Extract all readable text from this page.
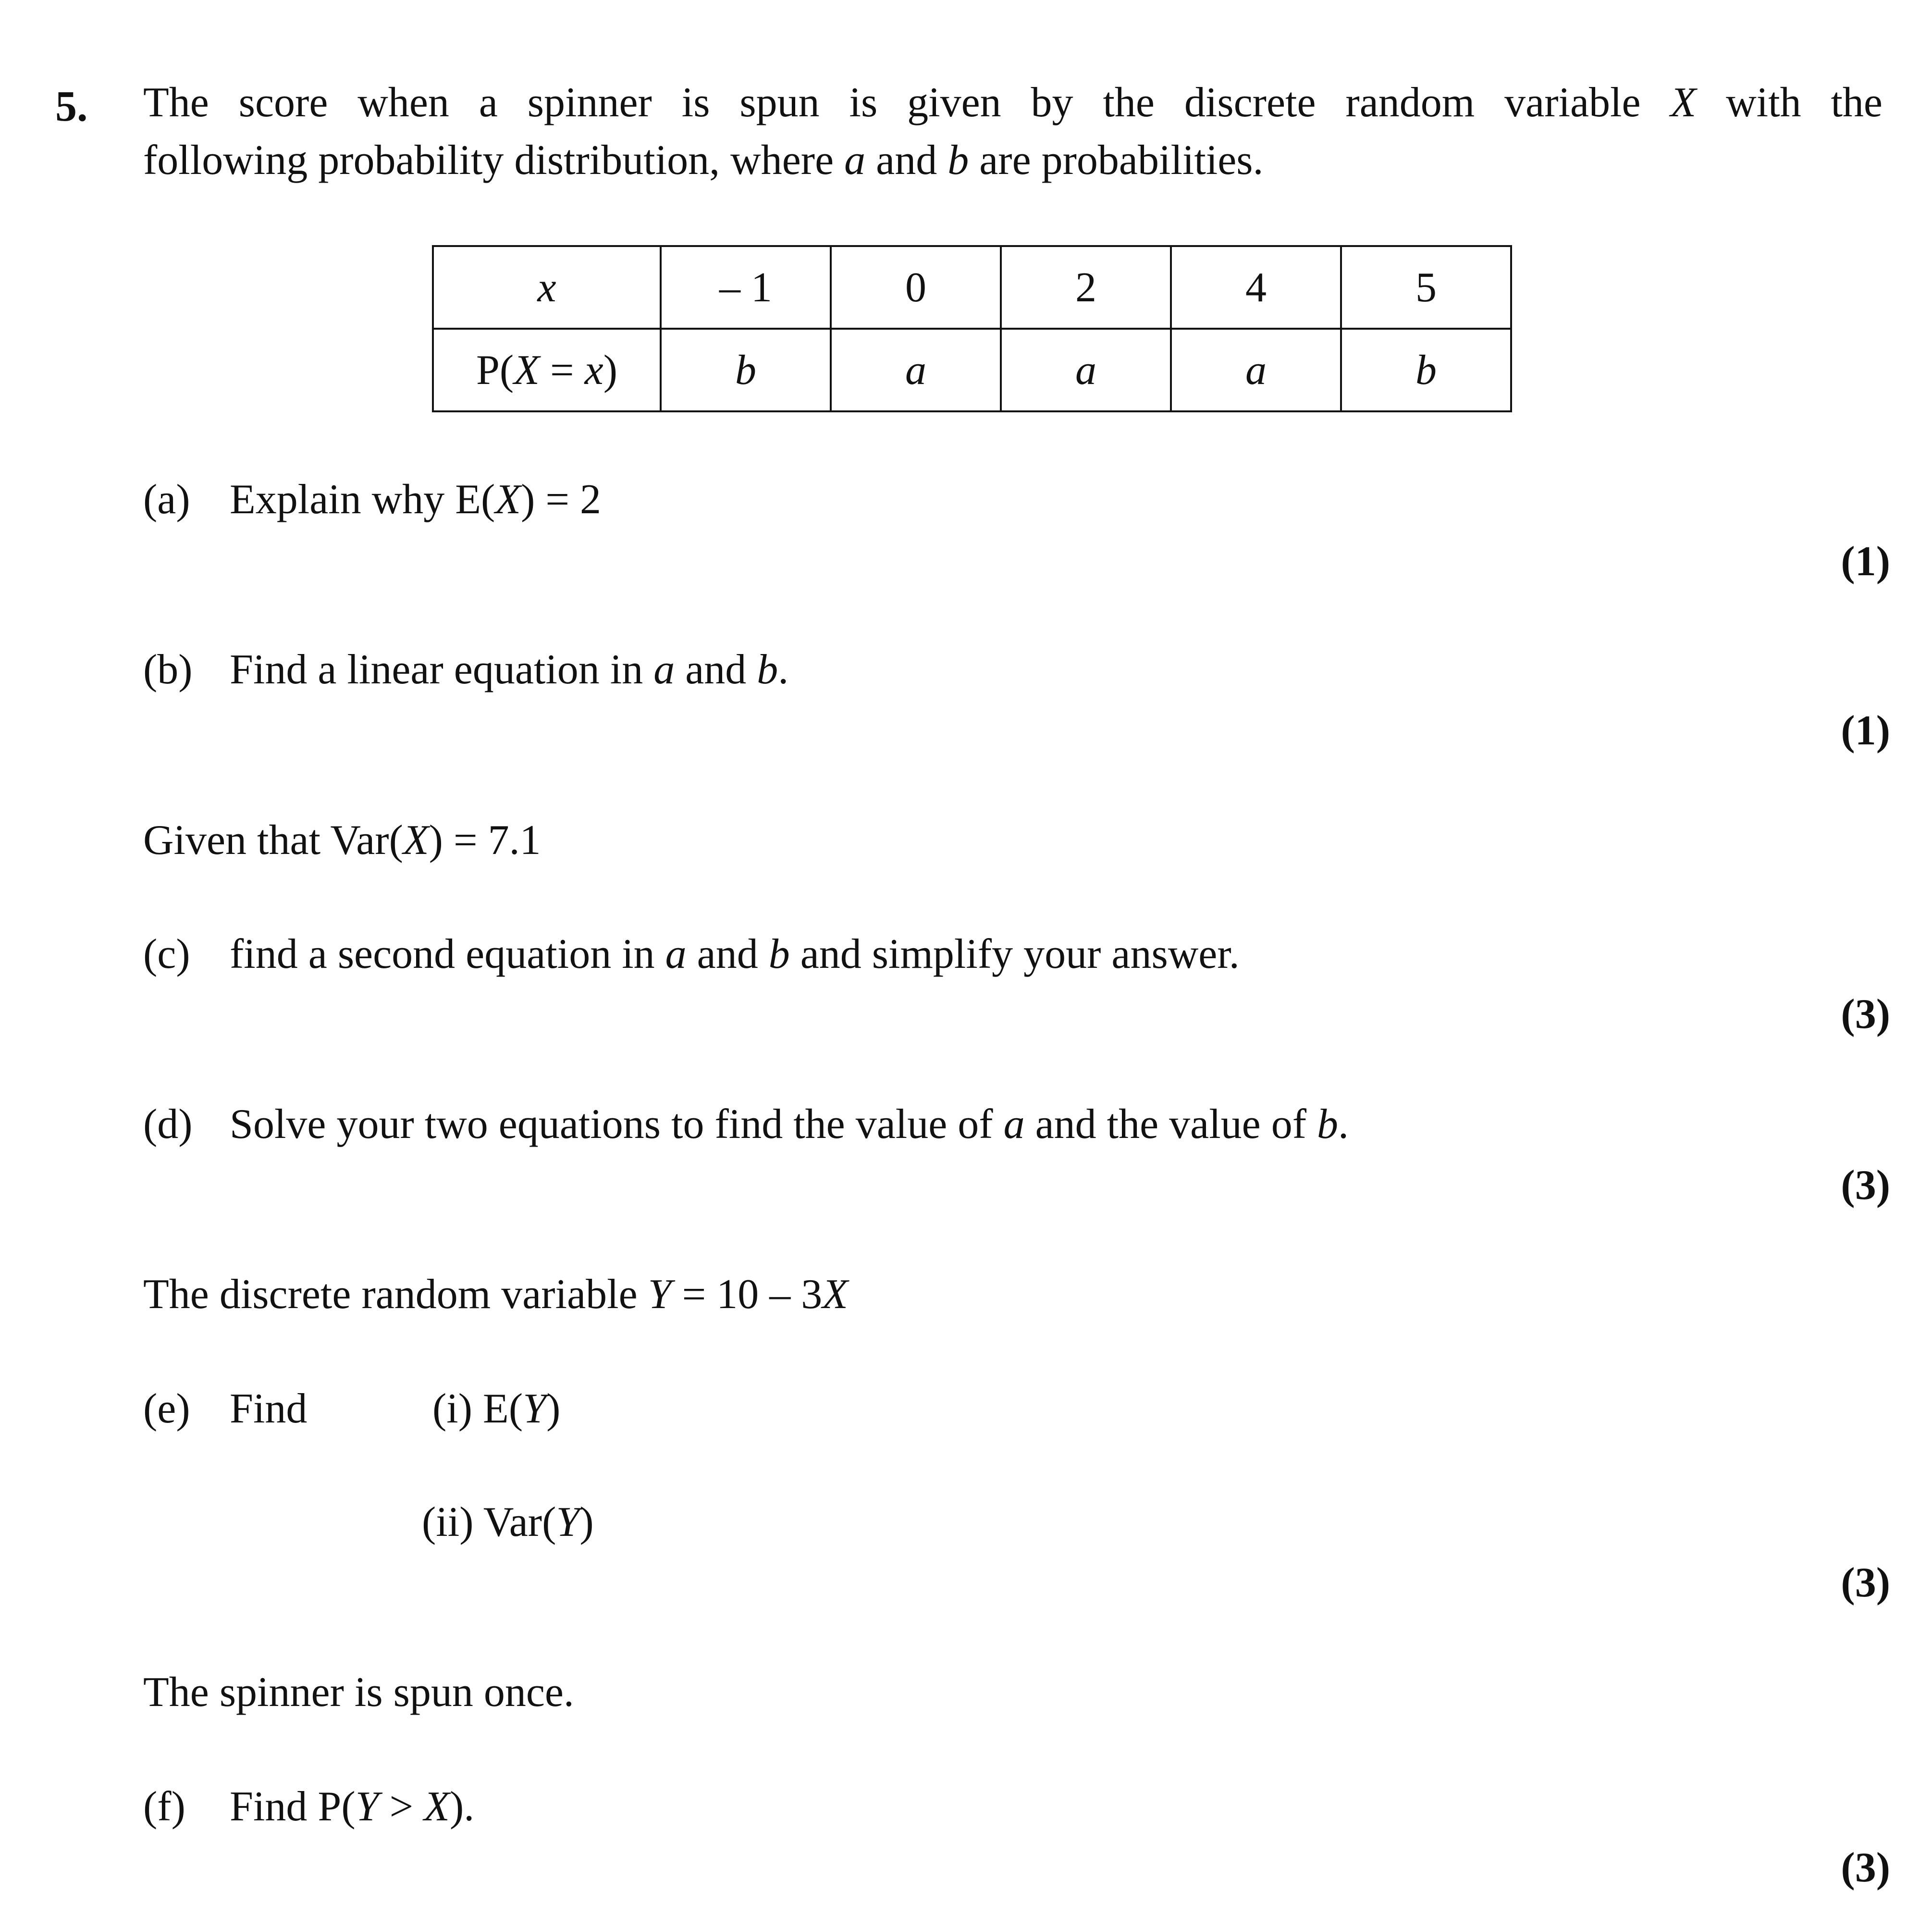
5. The score when a spinner is spun is given by the discrete random variable X with the
following probability distribution, where a and b are probabilities.
x	– 1	0	2	4	5
P(X = x)	b	a	a	a	b
(a) Explain why E(X) = 2
(1)
(b) Find a linear equation in a and b.
(1)
Given that Var(X) = 7.1
(c) find a second equation in a and b and simplify your answer.
(3)
(d) Solve your two equations to find the value of a and the value of b.
(3)
The discrete random variable Y = 10 – 3X
(e) Find	(i) E(Y)
(ii) Var(Y)
(3)
The spinner is spun once.
(f) Find P(Y > X).
(3)
